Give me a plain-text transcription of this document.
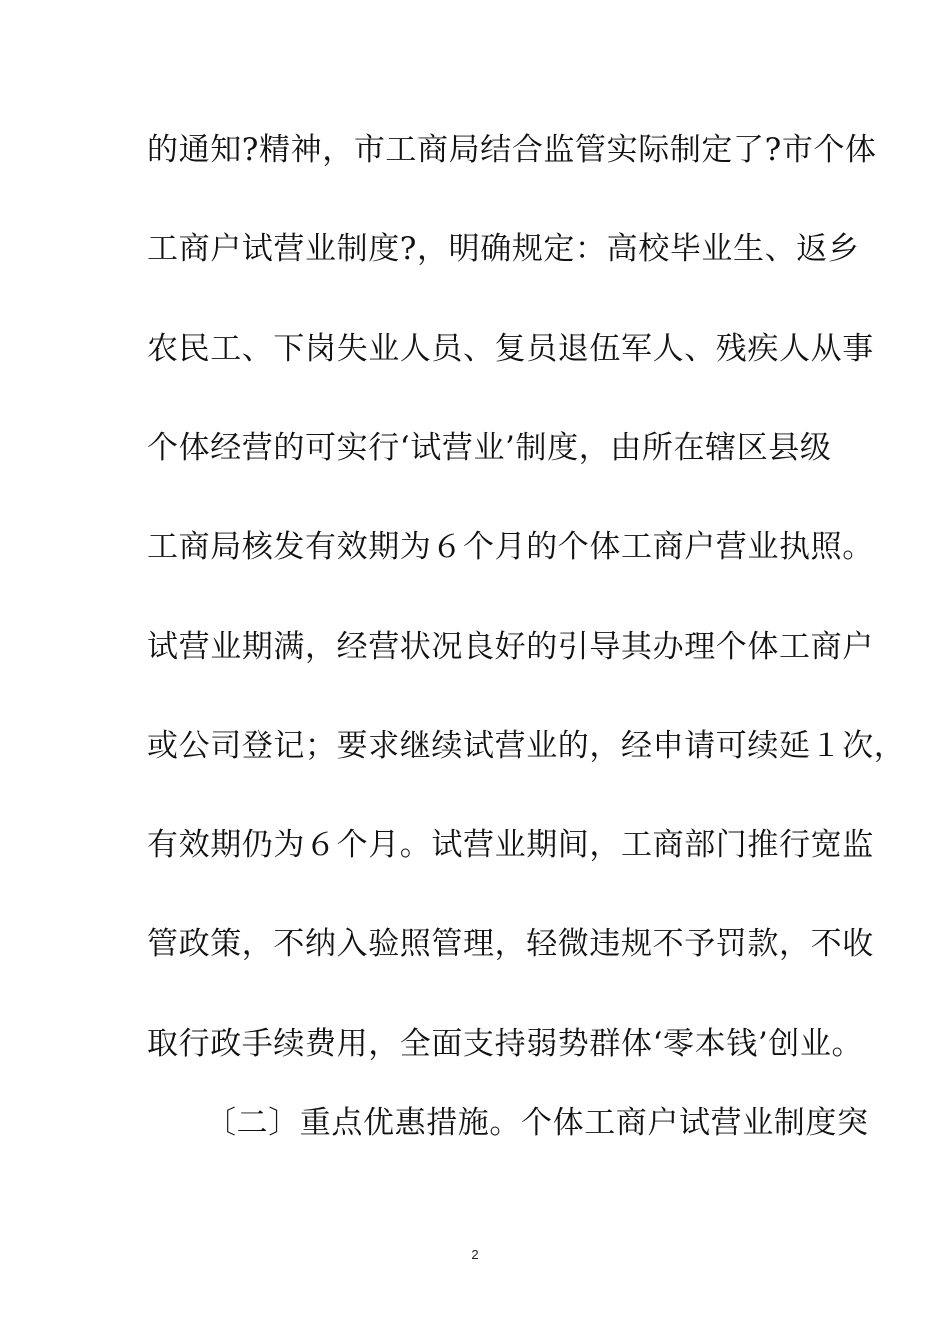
的通知?精神，市工商局结合监管实际制定了?市个体
工商户试营业制度?，明确规定：高校毕业生、返乡
农民工、下岗失业人员、复员退伍军人、残疾人从事
个体经营的可实行‘试营业’制度，由所在辖区县级
工商局核发有效期为６个月的个体工商户营业执照。
试营业期满，经营状况良好的引导其办理个体工商户
或公司登记；要求继续试营业的，经申请可续延１次，
有效期仍为６个月。试营业期间，工商部门推行宽监
管政策，不纳入验照管理，轻微违规不予罚款，不收
取行政手续费用，全面支持弱势群体‘零本钱’创业。
〔二〕重点优惠措施。个体工商户试营业制度突
2
